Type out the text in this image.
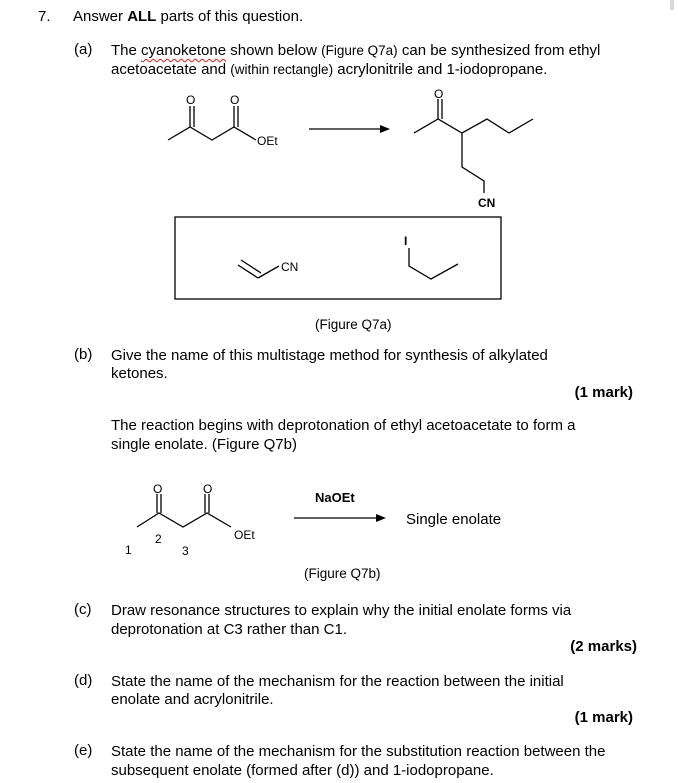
7. Answer ALL parts of this question.
(a) The cyanoketone shown below (Figure Q7a) can be synthesized from ethyl
acetoacetate and (within rectangle) acrylonitrile and 1-iodopropane.
O	O
OEt
O
CN
CN
I
(Figure Q7a)
(b) Give the name of this multistage method for synthesis of alkylated
ketones.
(1 mark)
The reaction begins with deprotonation of ethyl acetoacetate to form a
single enolate. (Figure Q7b)
O	O
OEt
1
2
3
NaOEt
Single enolate
(Figure Q7b)
(c) Draw resonance structures to explain why the initial enolate forms via
deprotonation at C3 rather than C1.
(2 marks)
(d) State the name of the mechanism for the reaction between the initial
enolate and acrylonitrile.
(1 mark)
(e) State the name of the mechanism for the substitution reaction between the
subsequent enolate (formed after (d)) and 1-iodopropane.
